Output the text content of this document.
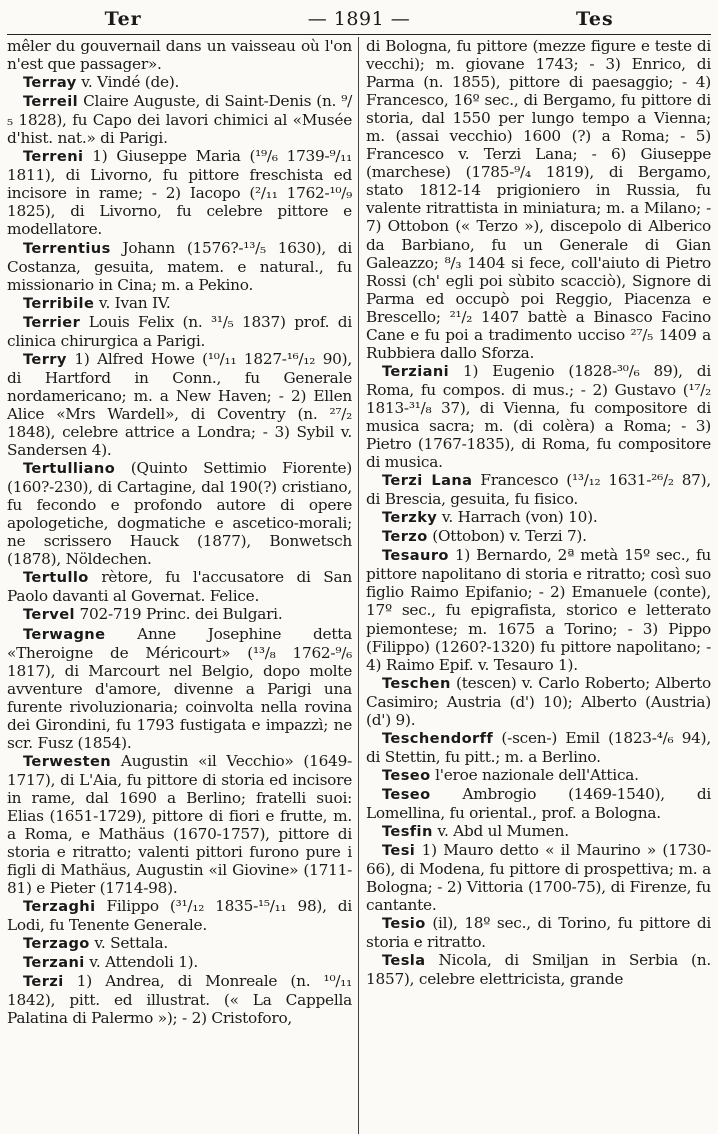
Ter	— 1891 —	Tes

mêler du gouvernail dans un vaisseau où l'on n'est que passager».

Terray v. Vindé (de).

Terreil Claire Auguste, di Saint-Denis (n. ⁹/₅ 1828), fu Capo dei lavori chimici al «Musée d'hist. nat.» di Parigi.

Terreni 1) Giuseppe Maria (¹⁹/₆ 1739-⁹/₁₁ 1811), di Livorno, fu pittore freschista ed incisore in rame; - 2) Iacopo (²/₁₁ 1762-¹⁰/₉ 1825), di Livorno, fu celebre pittore e modellatore.

Terrentius Johann (1576?-¹³/₅ 1630), di Costanza, gesuita, matem. e natural., fu missionario in Cina; m. a Pekino.

Terribile v. Ivan IV.

Terrier Louis Felix (n. ³¹/₅ 1837) prof. di clinica chirurgica a Parigi.

Terry 1) Alfred Howe (¹⁰/₁₁ 1827-¹⁶/₁₂ 90), di Hartford in Conn., fu Generale nordamericano; m. a New Haven; - 2) Ellen Alice «Mrs Wardell», di Coventry (n. ²⁷/₂ 1848), celebre attrice a Londra; - 3) Sybil v. Sandersen 4).

Tertulliano (Quinto Settimio Fiorente) (160?-230), di Cartagine, dal 190(?) cristiano, fu fecondo e profondo autore di opere apologetiche, dogmatiche e ascetico-morali; ne scrissero Hauck (1877), Bonwetsch (1878), Nöldechen.

Tertullo rètore, fu l'accusatore di San Paolo davanti al Governat. Felice.

Tervel 702-719 Princ. dei Bulgari.

Terwagne Anne Josephine detta «Theroigne de Méricourt» (¹³/₈ 1762-⁹/₆ 1817), di Marcourt nel Belgio, dopo molte avventure d'amore, divenne a Parigi una furente rivoluzionaria; coinvolta nella rovina dei Girondini, fu 1793 fustigata e impazzì; ne scr. Fusz (1854).

Terwesten Augustin «il Vecchio» (1649-1717), di L'Aia, fu pittore di storia ed incisore in rame, dal 1690 a Berlino; fratelli suoi: Elias (1651-1729), pittore di fiori e frutte, m. a Roma, e Mathäus (1670-1757), pittore di storia e ritratto; valenti pittori furono pure i figli di Mathäus, Augustin «il Giovine» (1711-81) e Pieter (1714-98).

Terzaghi Filippo (³¹/₁₂ 1835-¹⁵/₁₁ 98), di Lodi, fu Tenente Generale.

Terzago v. Settala.

Terzani v. Attendoli 1).

Terzi 1) Andrea, di Monreale (n. ¹⁰/₁₁ 1842), pitt. ed illustrat. (« La Cappella Palatina di Palermo »); - 2) Cristoforo,

di Bologna, fu pittore (mezze figure e teste di vecchi); m. giovane 1743; - 3) Enrico, di Parma (n. 1855), pittore di paesaggio; - 4) Francesco, 16º sec., di Bergamo, fu pittore di storia, dal 1550 per lungo tempo a Vienna; m. (assai vecchio) 1600 (?) a Roma; - 5) Francesco v. Terzi Lana; - 6) Giuseppe (marchese) (1785-⁹/₄ 1819), di Bergamo, stato 1812-14 prigioniero in Russia, fu valente ritrattista in miniatura; m. a Milano; - 7) Ottobon (« Terzo »), discepolo di Alberico da Barbiano, fu un Generale di Gian Galeazzo; ⁸/₃ 1404 si fece, coll'aiuto di Pietro Rossi (ch' egli poi sùbito scacciò), Signore di Parma ed occupò poi Reggio, Piacenza e Brescello; ²¹/₂ 1407 battè a Binasco Facino Cane e fu poi a tradimento ucciso ²⁷/₅ 1409 a Rubbiera dallo Sforza.

Terziani 1) Eugenio (1828-³⁰/₆ 89), di Roma, fu compos. di mus.; - 2) Gustavo (¹⁷/₂ 1813-³¹/₈ 37), di Vienna, fu compositore di musica sacra; m. (di colèra) a Roma; - 3) Pietro (1767-1835), di Roma, fu compositore di musica.

Terzi Lana Francesco (¹³/₁₂ 1631-²⁶/₂ 87), di Brescia, gesuita, fu fisico.

Terzky v. Harrach (von) 10).

Terzo (Ottobon) v. Terzi 7).

Tesauro 1) Bernardo, 2ª metà 15º sec., fu pittore napolitano di storia e ritratto; così suo figlio Raimo Epifanio; - 2) Emanuele (conte), 17º sec., fu epigrafista, storico e letterato piemontese; m. 1675 a Torino; - 3) Pippo (Filippo) (1260?-1320) fu pittore napolitano; - 4) Raimo Epif. v. Tesauro 1).

Teschen (tescen) v. Carlo Roberto; Alberto Casimiro; Austria (d') 10); Alberto (Austria) (d') 9).

Teschendorff (-scen-) Emil (1823-⁴/₆ 94), di Stettin, fu pitt.; m. a Berlino.

Teseo l'eroe nazionale dell'Attica.

Teseo Ambrogio (1469-1540), di Lomellina, fu oriental., prof. a Bologna.

Tesfin v. Abd ul Mumen.

Tesi 1) Mauro detto « il Maurino » (1730-66), di Modena, fu pittore di prospettiva; m. a Bologna; - 2) Vittoria (1700-75), di Firenze, fu cantante.

Tesio (il), 18º sec., di Torino, fu pittore di storia e ritratto.

Tesla Nicola, di Smiljan in Serbia (n. 1857), celebre elettricista, grande
